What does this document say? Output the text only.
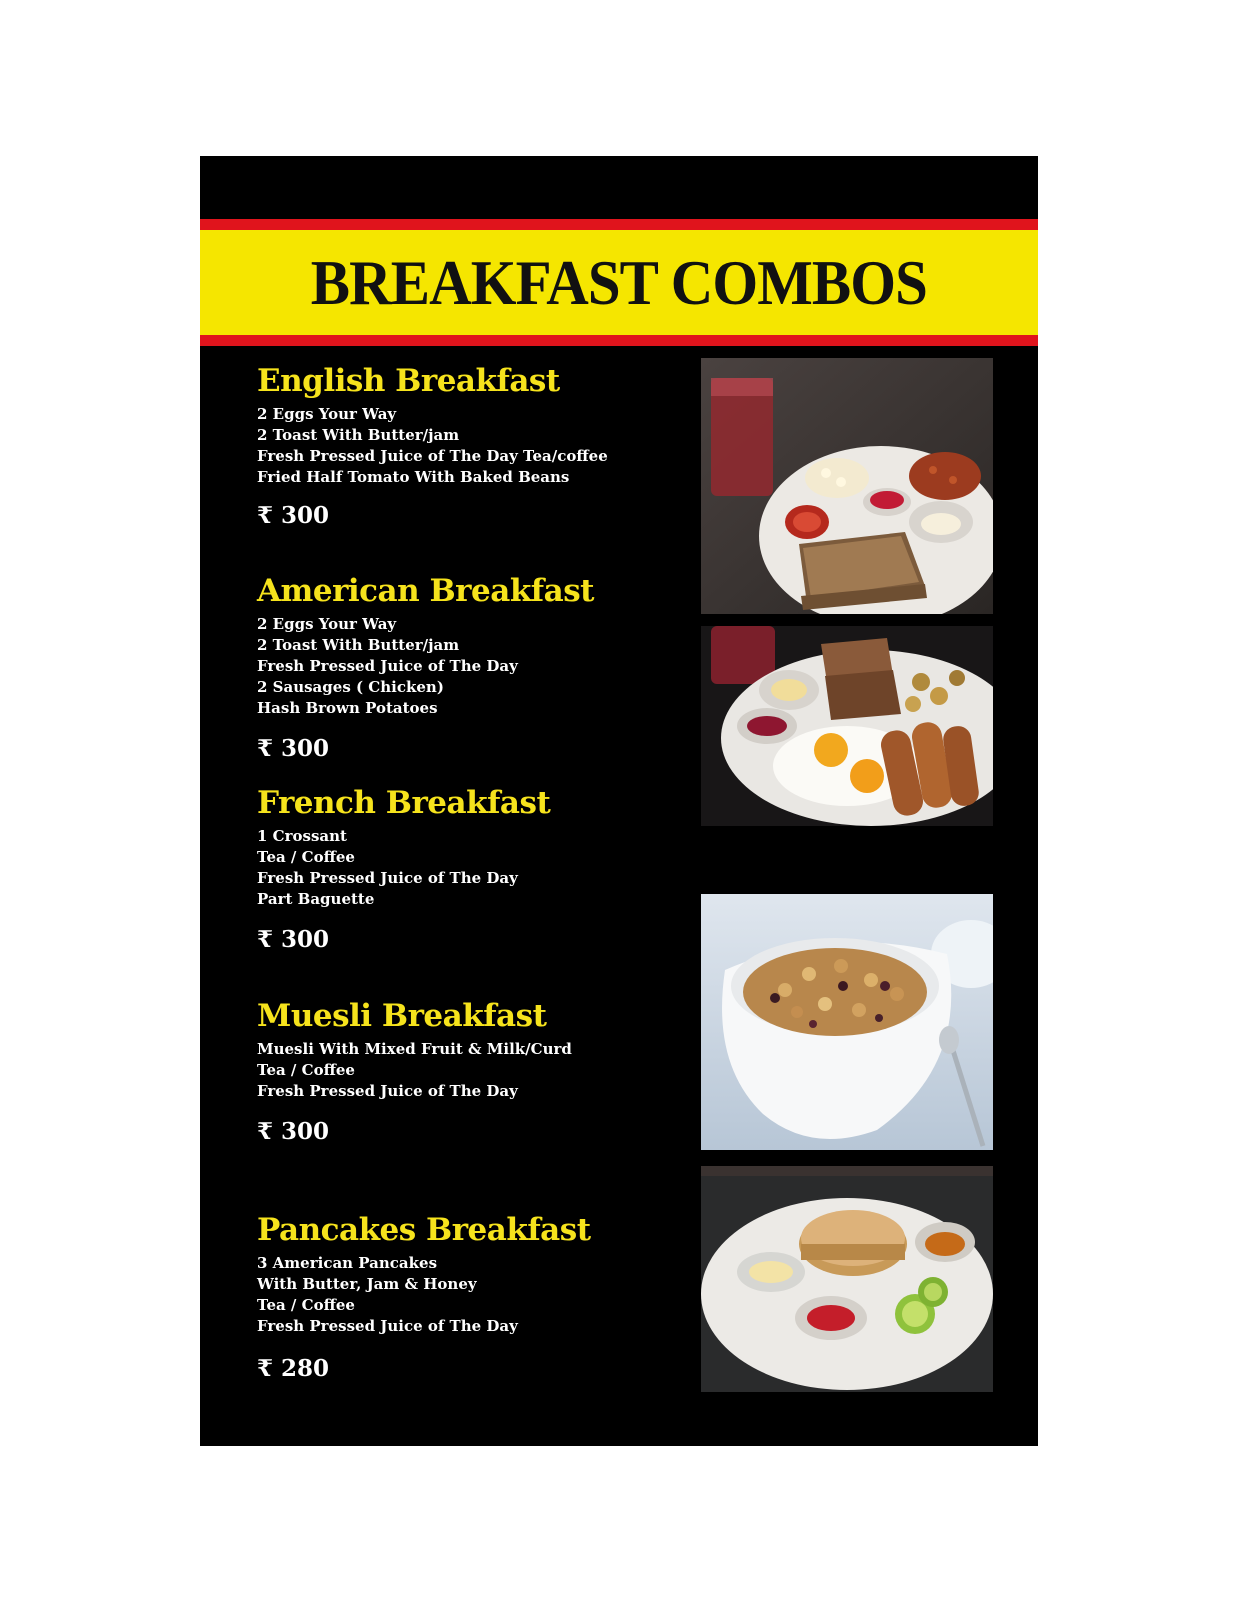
BREAKFAST COMBOS
English Breakfast
2 Eggs Your Way
2 Toast With Butter/jam
Fresh Pressed Juice of The Day Tea/coffee
Fried Half Tomato With Baked Beans
₹ 300
American Breakfast
2 Eggs Your Way
2 Toast With Butter/jam
Fresh Pressed Juice of The Day
2 Sausages ( Chicken)
Hash Brown Potatoes
₹ 300
French Breakfast
1 Crossant
Tea / Coffee
Fresh Pressed Juice of The Day
Part Baguette
₹ 300
Muesli Breakfast
Muesli With Mixed Fruit & Milk/Curd
Tea / Coffee
Fresh Pressed Juice of The Day
₹ 300
Pancakes Breakfast
3 American Pancakes
With Butter, Jam & Honey
Tea / Coffee
Fresh Pressed Juice of The Day
₹ 280
